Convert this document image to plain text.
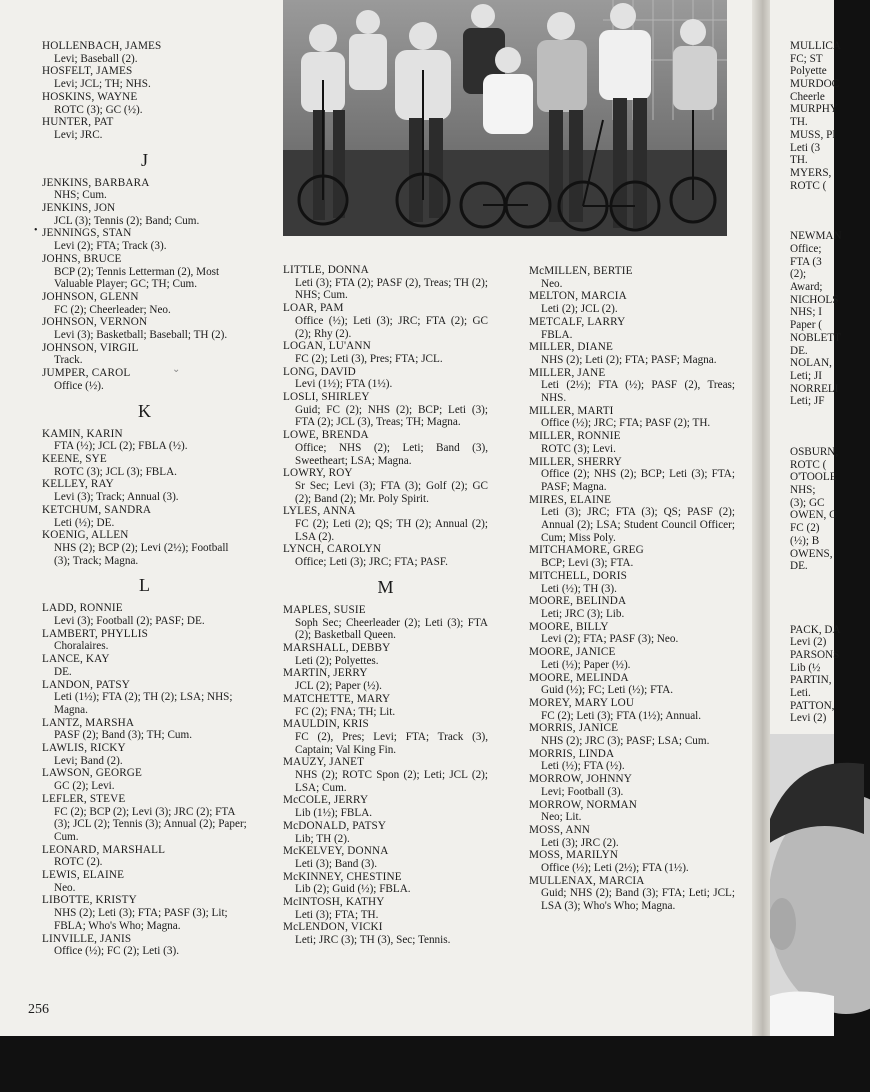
HOLLENBACH, JAMES
Levi; Baseball (2).
HOSFELT, JAMES
Levi; JCL; TH; NHS.
HOSKINS, WAYNE
ROTC (3); GC (½).
HUNTER, PAT
Levi; JRC.
J
JENKINS, BARBARA
NHS; Cum.
JENKINS, JON
JCL (3); Tennis (2); Band; Cum.
JENNINGS, STAN
Levi (2); FTA; Track (3).
JOHNS, BRUCE
BCP (2); Tennis Letterman (2), Most Valuable Player; GC; TH; Cum.
JOHNSON, GLENN
FC (2); Cheerleader; Neo.
JOHNSON, VERNON
Levi (3); Basketball; Baseball; TH (2).
JOHNSON, VIRGIL
Track.
JUMPER, CAROL
Office (½).
K
KAMIN, KARIN
FTA (½); JCL (2); FBLA (½).
KEENE, SYE
ROTC (3); JCL (3); FBLA.
KELLEY, RAY
Levi (3); Track; Annual (3).
KETCHUM, SANDRA
Leti (½); DE.
KOENIG, ALLEN
NHS (2); BCP (2); Levi (2½); Football (3); Track; Magna.
L
LADD, RONNIE
Levi (3); Football (2); PASF; DE.
LAMBERT, PHYLLIS
Choralaires.
LANCE, KAY
DE.
LANDON, PATSY
Leti (1½); FTA (2); TH (2); LSA; NHS; Magna.
LANTZ, MARSHA
PASF (2); Band (3); TH; Cum.
LAWLIS, RICKY
Levi; Band (2).
LAWSON, GEORGE
GC (2); Levi.
LEFLER, STEVE
FC (2); BCP (2); Levi (3); JRC (2); FTA (3); JCL (2); Tennis (3); Annual (2); Paper; Cum.
LEONARD, MARSHALL
ROTC (2).
LEWIS, ELAINE
Neo.
LIBOTTE, KRISTY
NHS (2); Leti (3); FTA; PASF (3); Lit; FBLA; Who's Who; Magna.
LINVILLE, JANIS
Office (½); FC (2); Leti (3).
LITTLE, DONNA
Leti (3); FTA (2); PASF (2), Treas; TH (2); NHS; Cum.
LOAR, PAM
Office (½); Leti (3); JRC; FTA (2); GC (2); Rhy (2).
LOGAN, LU'ANN
FC (2); Leti (3), Pres; FTA; JCL.
LONG, DAVID
Levi (1½); FTA (1½).
LOSLI, SHIRLEY
Guid; FC (2); NHS (2); BCP; Leti (3); FTA (2); JCL (3), Treas; TH; Magna.
LOWE, BRENDA
Office; NHS (2); Leti; Band (3), Sweetheart; LSA; Magna.
LOWRY, ROY
Sr Sec; Levi (3); FTA (3); Golf (2); GC (2); Band (2); Mr. Poly Spirit.
LYLES, ANNA
FC (2); Leti (2); QS; TH (2); Annual (2); LSA (2).
LYNCH, CAROLYN
Office; Leti (3); JRC; FTA; PASF.
M
MAPLES, SUSIE
Soph Sec; Cheerleader (2); Leti (3); FTA (2); Basketball Queen.
MARSHALL, DEBBY
Leti (2); Polyettes.
MARTIN, JERRY
JCL (2); Paper (½).
MATCHETTE, MARY
FC (2); FNA; TH; Lit.
MAULDIN, KRIS
FC (2), Pres; Levi; FTA; Track (3), Captain; Val King Fin.
MAUZY, JANET
NHS (2); ROTC Spon (2); Leti; JCL (2); LSA; Cum.
McCOLE, JERRY
Lib (1½); FBLA.
McDONALD, PATSY
Lib; TH (2).
McKELVEY, DONNA
Leti (3); Band (3).
McKINNEY, CHESTINE
Lib (2); Guid (½); FBLA.
McINTOSH, KATHY
Leti (3); FTA; TH.
McLENDON, VICKI
Leti; JRC (3); TH (3), Sec; Tennis.
McMILLEN, BERTIE
Neo.
MELTON, MARCIA
Leti (2); JCL (2).
METCALF, LARRY
FBLA.
MILLER, DIANE
NHS (2); Leti (2); FTA; PASF; Magna.
MILLER, JANE
Leti (2½); FTA (½); PASF (2), Treas; NHS.
MILLER, MARTI
Office (½); JRC; FTA; PASF (2); TH.
MILLER, RONNIE
ROTC (3); Levi.
MILLER, SHERRY
Office (2); NHS (2); BCP; Leti (3); FTA; PASF; Magna.
MIRES, ELAINE
Leti (3); JRC; FTA (3); QS; PASF (2); Annual (2); LSA; Student Council Officer; Cum; Miss Poly.
MITCHAMORE, GREG
BCP; Levi (3); FTA.
MITCHELL, DORIS
Leti (½); TH (3).
MOORE, BELINDA
Leti; JRC (3); Lib.
MOORE, BILLY
Levi (2); FTA; PASF (3); Neo.
MOORE, JANICE
Leti (½); Paper (½).
MOORE, MELINDA
Guid (½); FC; Leti (½); FTA.
MOREY, MARY LOU
FC (2); Leti (3); FTA (1½); Annual.
MORRIS, JANICE
NHS (2); JRC (3); PASF; LSA; Cum.
MORRIS, LINDA
Leti (½); FTA (½).
MORROW, JOHNNY
Levi; Football (3).
MORROW, NORMAN
Neo; Lit.
MOSS, ANN
Leti (3); JRC (2).
MOSS, MARILYN
Office (½); Leti (2½); FTA (1½).
MULLENAX, MARCIA
Guid; NHS (2); Band (3); FTA; Leti; JCL; LSA (3); Who's Who; Magna.
MULLICA
FC; ST
Polyette
MURDOC
Cheerle
MURPHY
TH.
MUSS, PI
Leti (3
TH.
MYERS,
ROTC (
NEWMAN
Office;
FTA (3
(2);
Award;
NICHOLS
NHS; I
Paper (
NOBLETT
DE.
NOLAN,
Leti; JI
NORRELI
Leti; JF
OSBURN,
ROTC (
O'TOOLE
NHS;
(3); GC
OWEN, C
FC (2)
(½); B
OWENS,
DE.
PACK, DA
Levi (2)
PARSONS
Lib (½
PARTIN,
Leti.
PATTON,
Levi (2)
•
⌄
256
